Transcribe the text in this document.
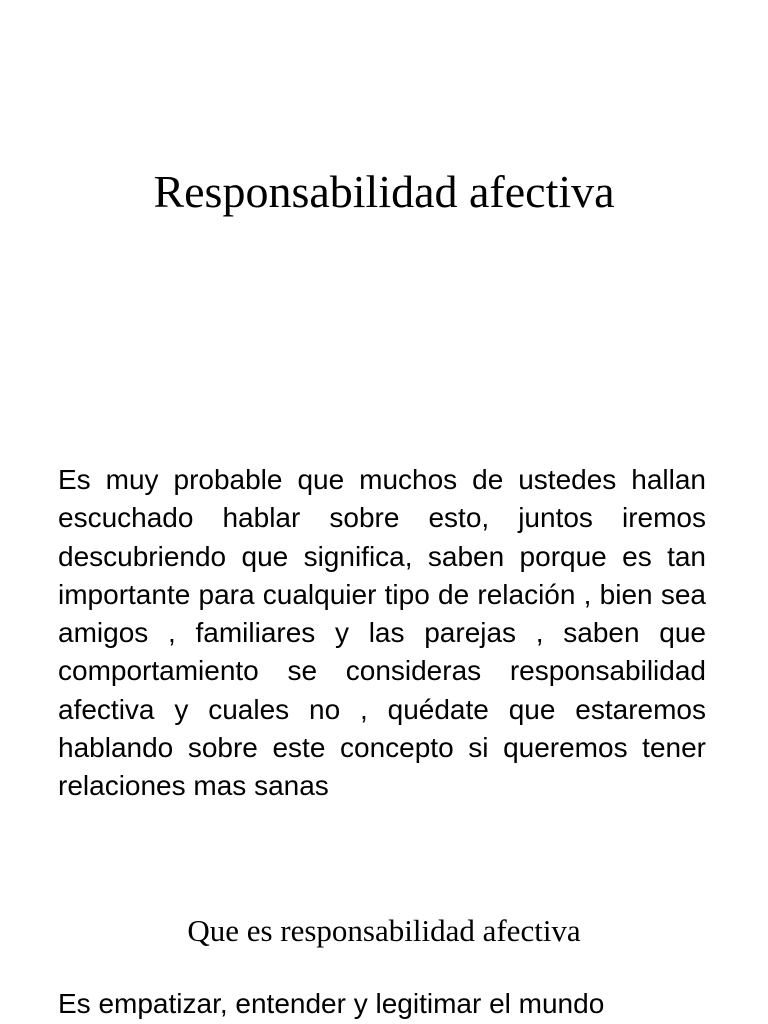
Responsabilidad afectiva

Es muy probable que muchos de ustedes hallan escuchado hablar sobre esto, juntos iremos descubriendo que significa, saben porque es tan importante para cualquier tipo de relación , bien sea amigos , familiares y las parejas , saben que comportamiento se consideras responsabilidad afectiva y cuales no , quédate que estaremos hablando sobre este concepto si queremos tener relaciones mas sanas

Que es responsabilidad afectiva

Es empatizar, entender y legitimar el mundo
